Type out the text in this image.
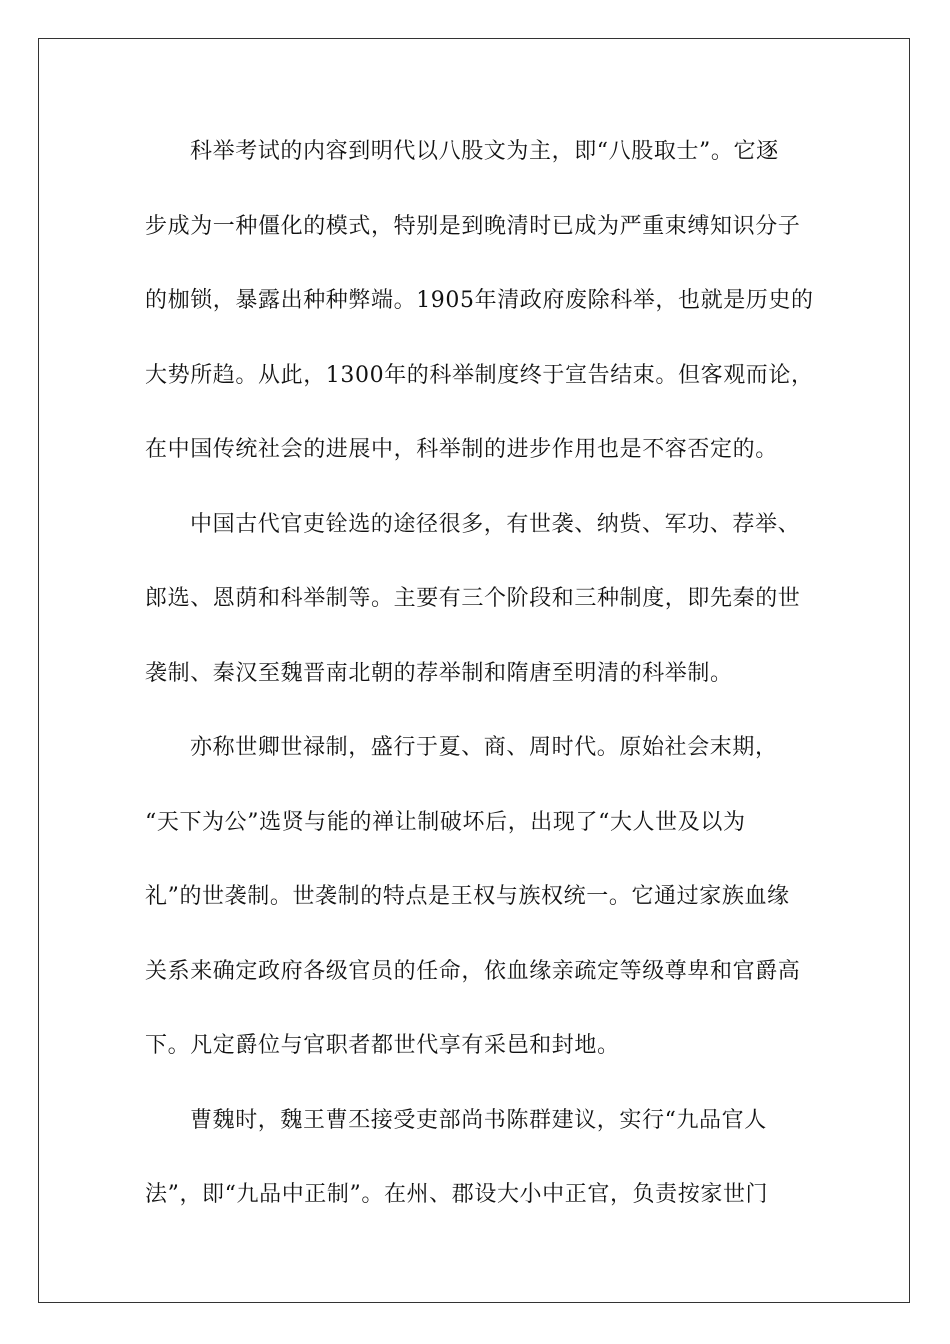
科举考试的内容到明代以八股文为主，即“八股取士”。它逐
步成为一种僵化的模式，特别是到晚清时已成为严重束缚知识分子
的枷锁，暴露出种种弊端。1905年清政府废除科举，也就是历史的
大势所趋。从此，1300年的科举制度终于宣告结束。但客观而论，
在中国传统社会的进展中，科举制的进步作用也是不容否定的。
中国古代官吏铨选的途径很多，有世袭、纳赀、军功、荐举、
郎选、恩荫和科举制等。主要有三个阶段和三种制度，即先秦的世
袭制、秦汉至魏晋南北朝的荐举制和隋唐至明清的科举制。
亦称世卿世禄制，盛行于夏、商、周时代。原始社会末期，
“天下为公”选贤与能的禅让制破坏后，出现了“大人世及以为
礼”的世袭制。世袭制的特点是王权与族权统一。它通过家族血缘
关系来确定政府各级官员的任命，依血缘亲疏定等级尊卑和官爵高
下。凡定爵位与官职者都世代享有采邑和封地。
曹魏时，魏王曹丕接受吏部尚书陈群建议，实行“九品官人
法”，即“九品中正制”。在州、郡设大小中正官，负责按家世门
